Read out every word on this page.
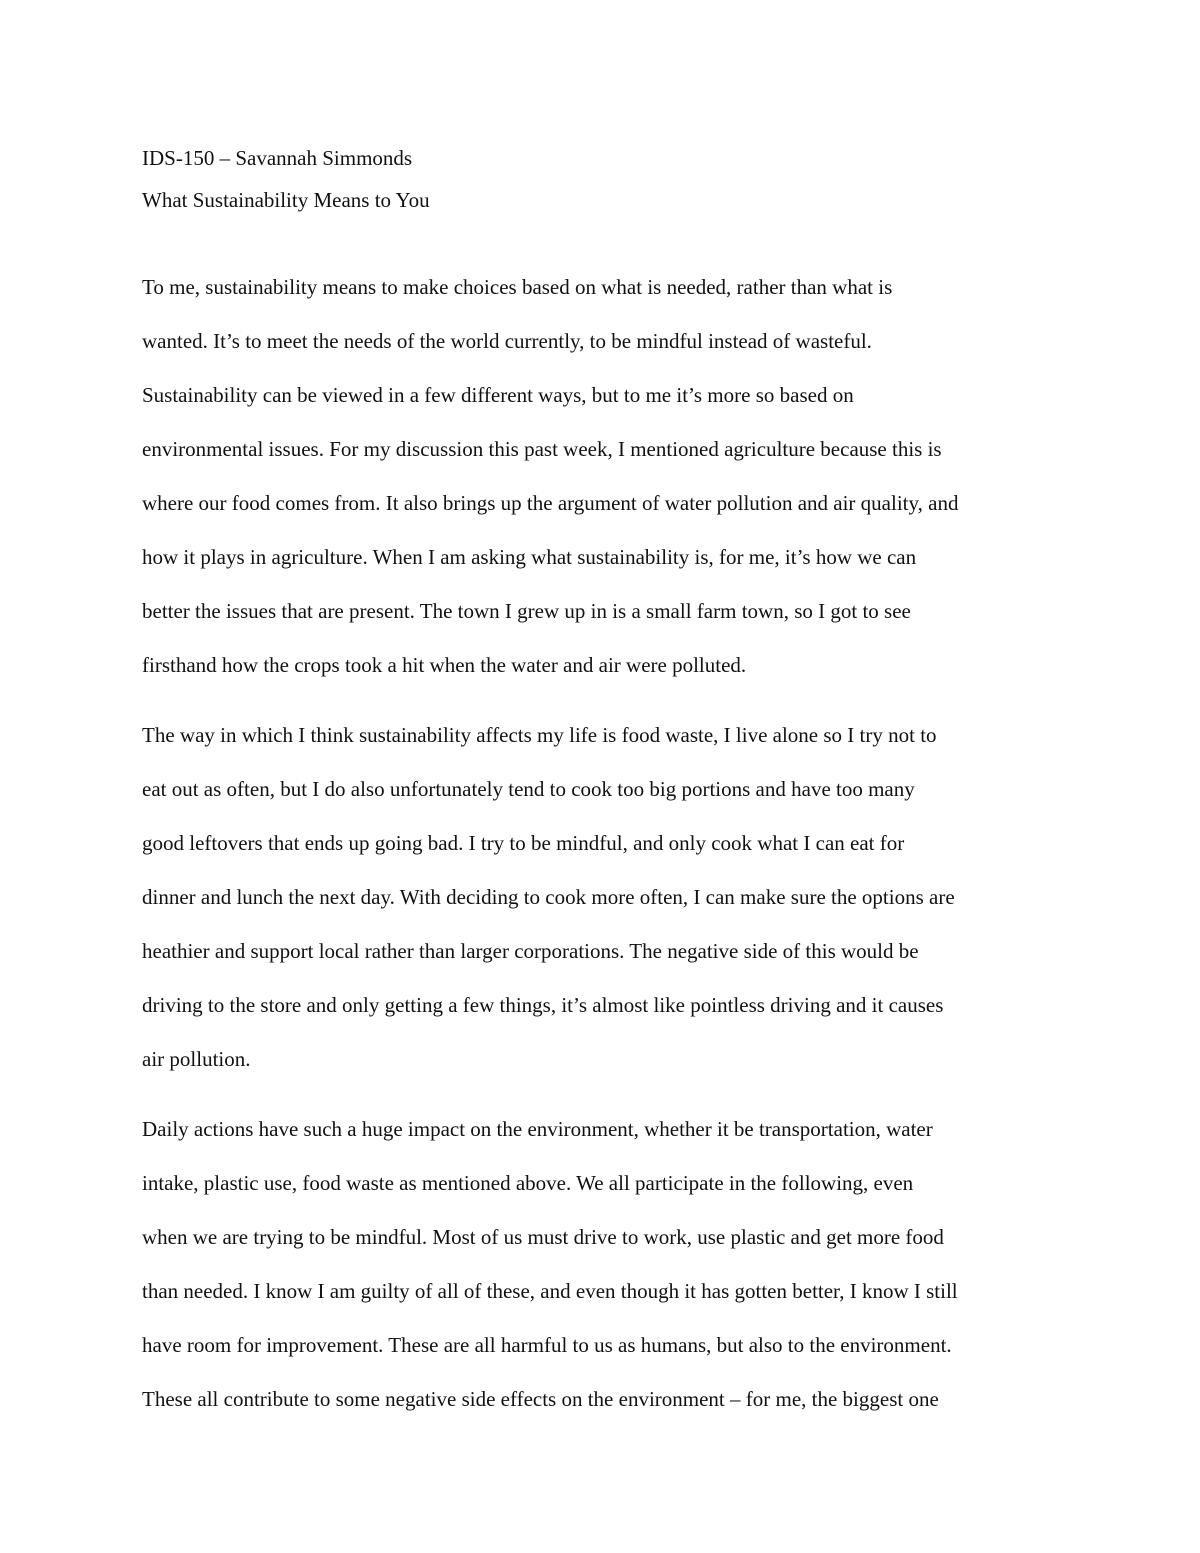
IDS-150 – Savannah Simmonds
What Sustainability Means to You
To me, sustainability means to make choices based on what is needed, rather than what is
wanted. It’s to meet the needs of the world currently, to be mindful instead of wasteful.
Sustainability can be viewed in a few different ways, but to me it’s more so based on
environmental issues. For my discussion this past week, I mentioned agriculture because this is
where our food comes from. It also brings up the argument of water pollution and air quality, and
how it plays in agriculture. When I am asking what sustainability is, for me, it’s how we can
better the issues that are present. The town I grew up in is a small farm town, so I got to see
firsthand how the crops took a hit when the water and air were polluted.
The way in which I think sustainability affects my life is food waste, I live alone so I try not to
eat out as often, but I do also unfortunately tend to cook too big portions and have too many
good leftovers that ends up going bad. I try to be mindful, and only cook what I can eat for
dinner and lunch the next day. With deciding to cook more often, I can make sure the options are
heathier and support local rather than larger corporations. The negative side of this would be
driving to the store and only getting a few things, it’s almost like pointless driving and it causes
air pollution.
Daily actions have such a huge impact on the environment, whether it be transportation, water
intake, plastic use, food waste as mentioned above. We all participate in the following, even
when we are trying to be mindful. Most of us must drive to work, use plastic and get more food
than needed. I know I am guilty of all of these, and even though it has gotten better, I know I still
have room for improvement. These are all harmful to us as humans, but also to the environment.
These all contribute to some negative side effects on the environment – for me, the biggest one
